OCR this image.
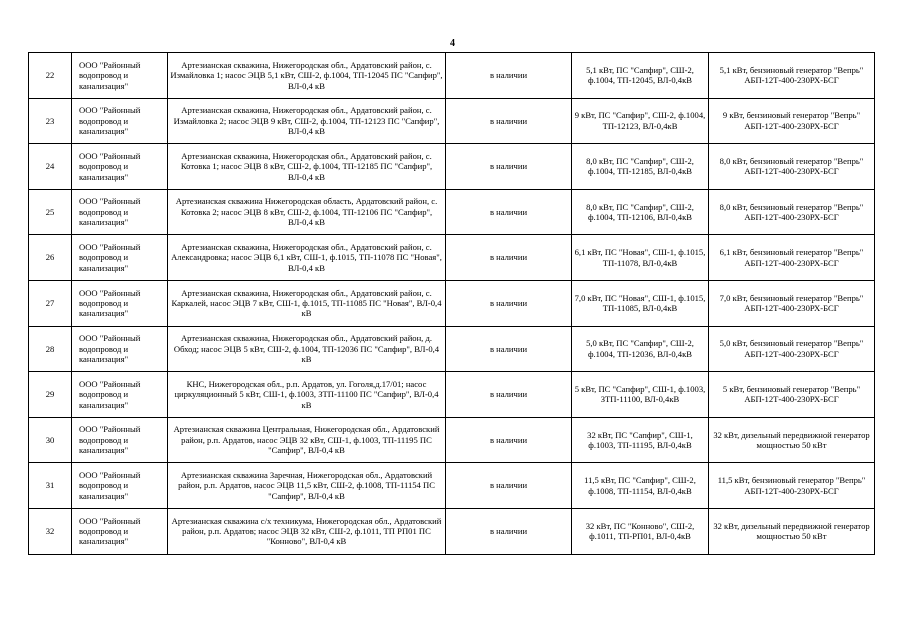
4
22	ООО "Районный водопровод и канализация"	Артезианская скважина, Нижегородская обл., Ардатовский район, с. Измайловка 1; насос ЭЦВ 5,1 кВт, СШ-2, ф.1004, ТП-12045 ПС "Сапфир", ВЛ-0,4 кВ	в наличии	5,1 кВт, ПС "Сапфир", СШ-2, ф.1004, ТП-12045, ВЛ-0,4кВ	5,1 кВт, бензиновый генератор "Вепрь" АБП-12Т-400-230РХ-БСГ
23	ООО "Районный водопровод и канализация"	Артезианская скважина, Нижегородская обл., Ардатовский район, с. Измайловка 2; насос ЭЦВ 9 кВт, СШ-2, ф.1004, ТП-12123 ПС "Сапфир", ВЛ-0,4 кВ	в наличии	9 кВт, ПС "Сапфир", СШ-2, ф.1004, ТП-12123, ВЛ-0,4кВ	9 кВт, бензиновый генератор "Вепрь" АБП-12Т-400-230РХ-БСГ
24	ООО "Районный водопровод и канализация"	Артезианская скважина, Нижегородская обл., Ардатовский район, с. Котовка 1; насос ЭЦВ 8 кВт, СШ-2, ф.1004, ТП-12185 ПС "Сапфир", ВЛ-0,4 кВ	в наличии	8,0 кВт, ПС "Сапфир", СШ-2, ф.1004, ТП-12185, ВЛ-0,4кВ	8,0 кВт, бензиновый генератор "Вепрь" АБП-12Т-400-230РХ-БСГ
25	ООО "Районный водопровод и канализация"	Артезианская скважина Нижегородская область, Ардатовский район, с. Котовка 2; насос ЭЦВ 8 кВт, СШ-2, ф.1004, ТП-12106 ПС "Сапфир", ВЛ-0,4 кВ	в наличии	8,0 кВт, ПС "Сапфир", СШ-2, ф.1004, ТП-12106, ВЛ-0,4кВ	8,0 кВт, бензиновый генератор "Вепрь" АБП-12Т-400-230РХ-БСГ
26	ООО "Районный водопровод и канализация"	Артезианская скважина, Нижегородская обл., Ардатовский район, с. Александровка; насос ЭЦВ 6,1 кВт, СШ-1, ф.1015, ТП-11078 ПС "Новая", ВЛ-0,4 кВ	в наличии	6,1 кВт, ПС "Новая", СШ-1, ф.1015, ТП-11078, ВЛ-0,4кВ	6,1 кВт, бензиновый генератор "Вепрь" АБП-12Т-400-230РХ-БСГ
27	ООО "Районный водопровод и канализация"	Артезианская скважина, Нижегородская обл., Ардатовский район, с. Каркалей, насос ЭЦВ 7 кВт, СШ-1, ф.1015, ТП-11085 ПС "Новая", ВЛ-0,4 кВ	в наличии	7,0 кВт, ПС "Новая", СШ-1, ф.1015, ТП-11085, ВЛ-0,4кВ	7,0 кВт, бензиновый генератор "Вепрь" АБП-12Т-400-230РХ-БСГ
28	ООО "Районный водопровод и канализация"	Артезианская скважина, Нижегородская обл., Ардатовский район, д. Обход; насос ЭЦВ 5 кВт, СШ-2, ф.1004, ТП-12036 ПС "Сапфир", ВЛ-0,4 кВ	в наличии	5,0 кВт, ПС "Сапфир", СШ-2, ф.1004, ТП-12036, ВЛ-0,4кВ	5,0 кВт, бензиновый генератор "Вепрь" АБП-12Т-400-230РХ-БСГ
29	ООО "Районный водопровод и канализация"	КНС, Нижегородская обл., р.п. Ардатов, ул. Гоголя,д.17/01; насос циркуляционный 5 кВт, СШ-1, ф.1003, ЗТП-11100 ПС "Сапфир", ВЛ-0,4 кВ	в наличии	5 кВт, ПС "Сапфир", СШ-1, ф.1003, ЗТП-11100, ВЛ-0,4кВ	5 кВт, бензиновый генератор "Вепрь" АБП-12Т-400-230РХ-БСГ
30	ООО "Районный водопровод и канализация"	Артезианская скважина Центральная, Нижегородская обл., Ардатовский район, р.п. Ардатов, насос ЭЦВ 32 кВт, СШ-1, ф.1003, ТП-11195 ПС "Сапфир", ВЛ-0,4 кВ	в наличии	32 кВт, ПС "Сапфир", СШ-1, ф.1003, ТП-11195, ВЛ-0,4кВ	32 кВт, дизельный передвижной генератор мощностью 50 кВт
31	ООО "Районный водопровод и канализация"	Артезианская скважина Заречная, Нижегородская обл., Ардатовский район, р.п. Ардатов, насос ЭЦВ 11,5 кВт, СШ-2, ф.1008, ТП-11154 ПС "Сапфир", ВЛ-0,4 кВ	в наличии	11,5 кВт, ПС "Сапфир", СШ-2, ф.1008, ТП-11154, ВЛ-0,4кВ	11,5 кВт, бензиновый генератор "Вепрь" АБП-12Т-400-230РХ-БСГ
32	ООО "Районный водопровод и канализация"	Артезианская скважина с/х техникума, Нижегородская обл., Ардатовский район, р.п. Ардатов; насос ЭЦВ 32 кВт, СШ-2, ф.1011, ТП РП01 ПС "Конново", ВЛ-0,4 кВ	в наличии	32 кВт, ПС "Конново", СШ-2, ф.1011, ТП-РП01, ВЛ-0,4кВ	32 кВт, дизельный передвижной генератор мощностью 50 кВт
